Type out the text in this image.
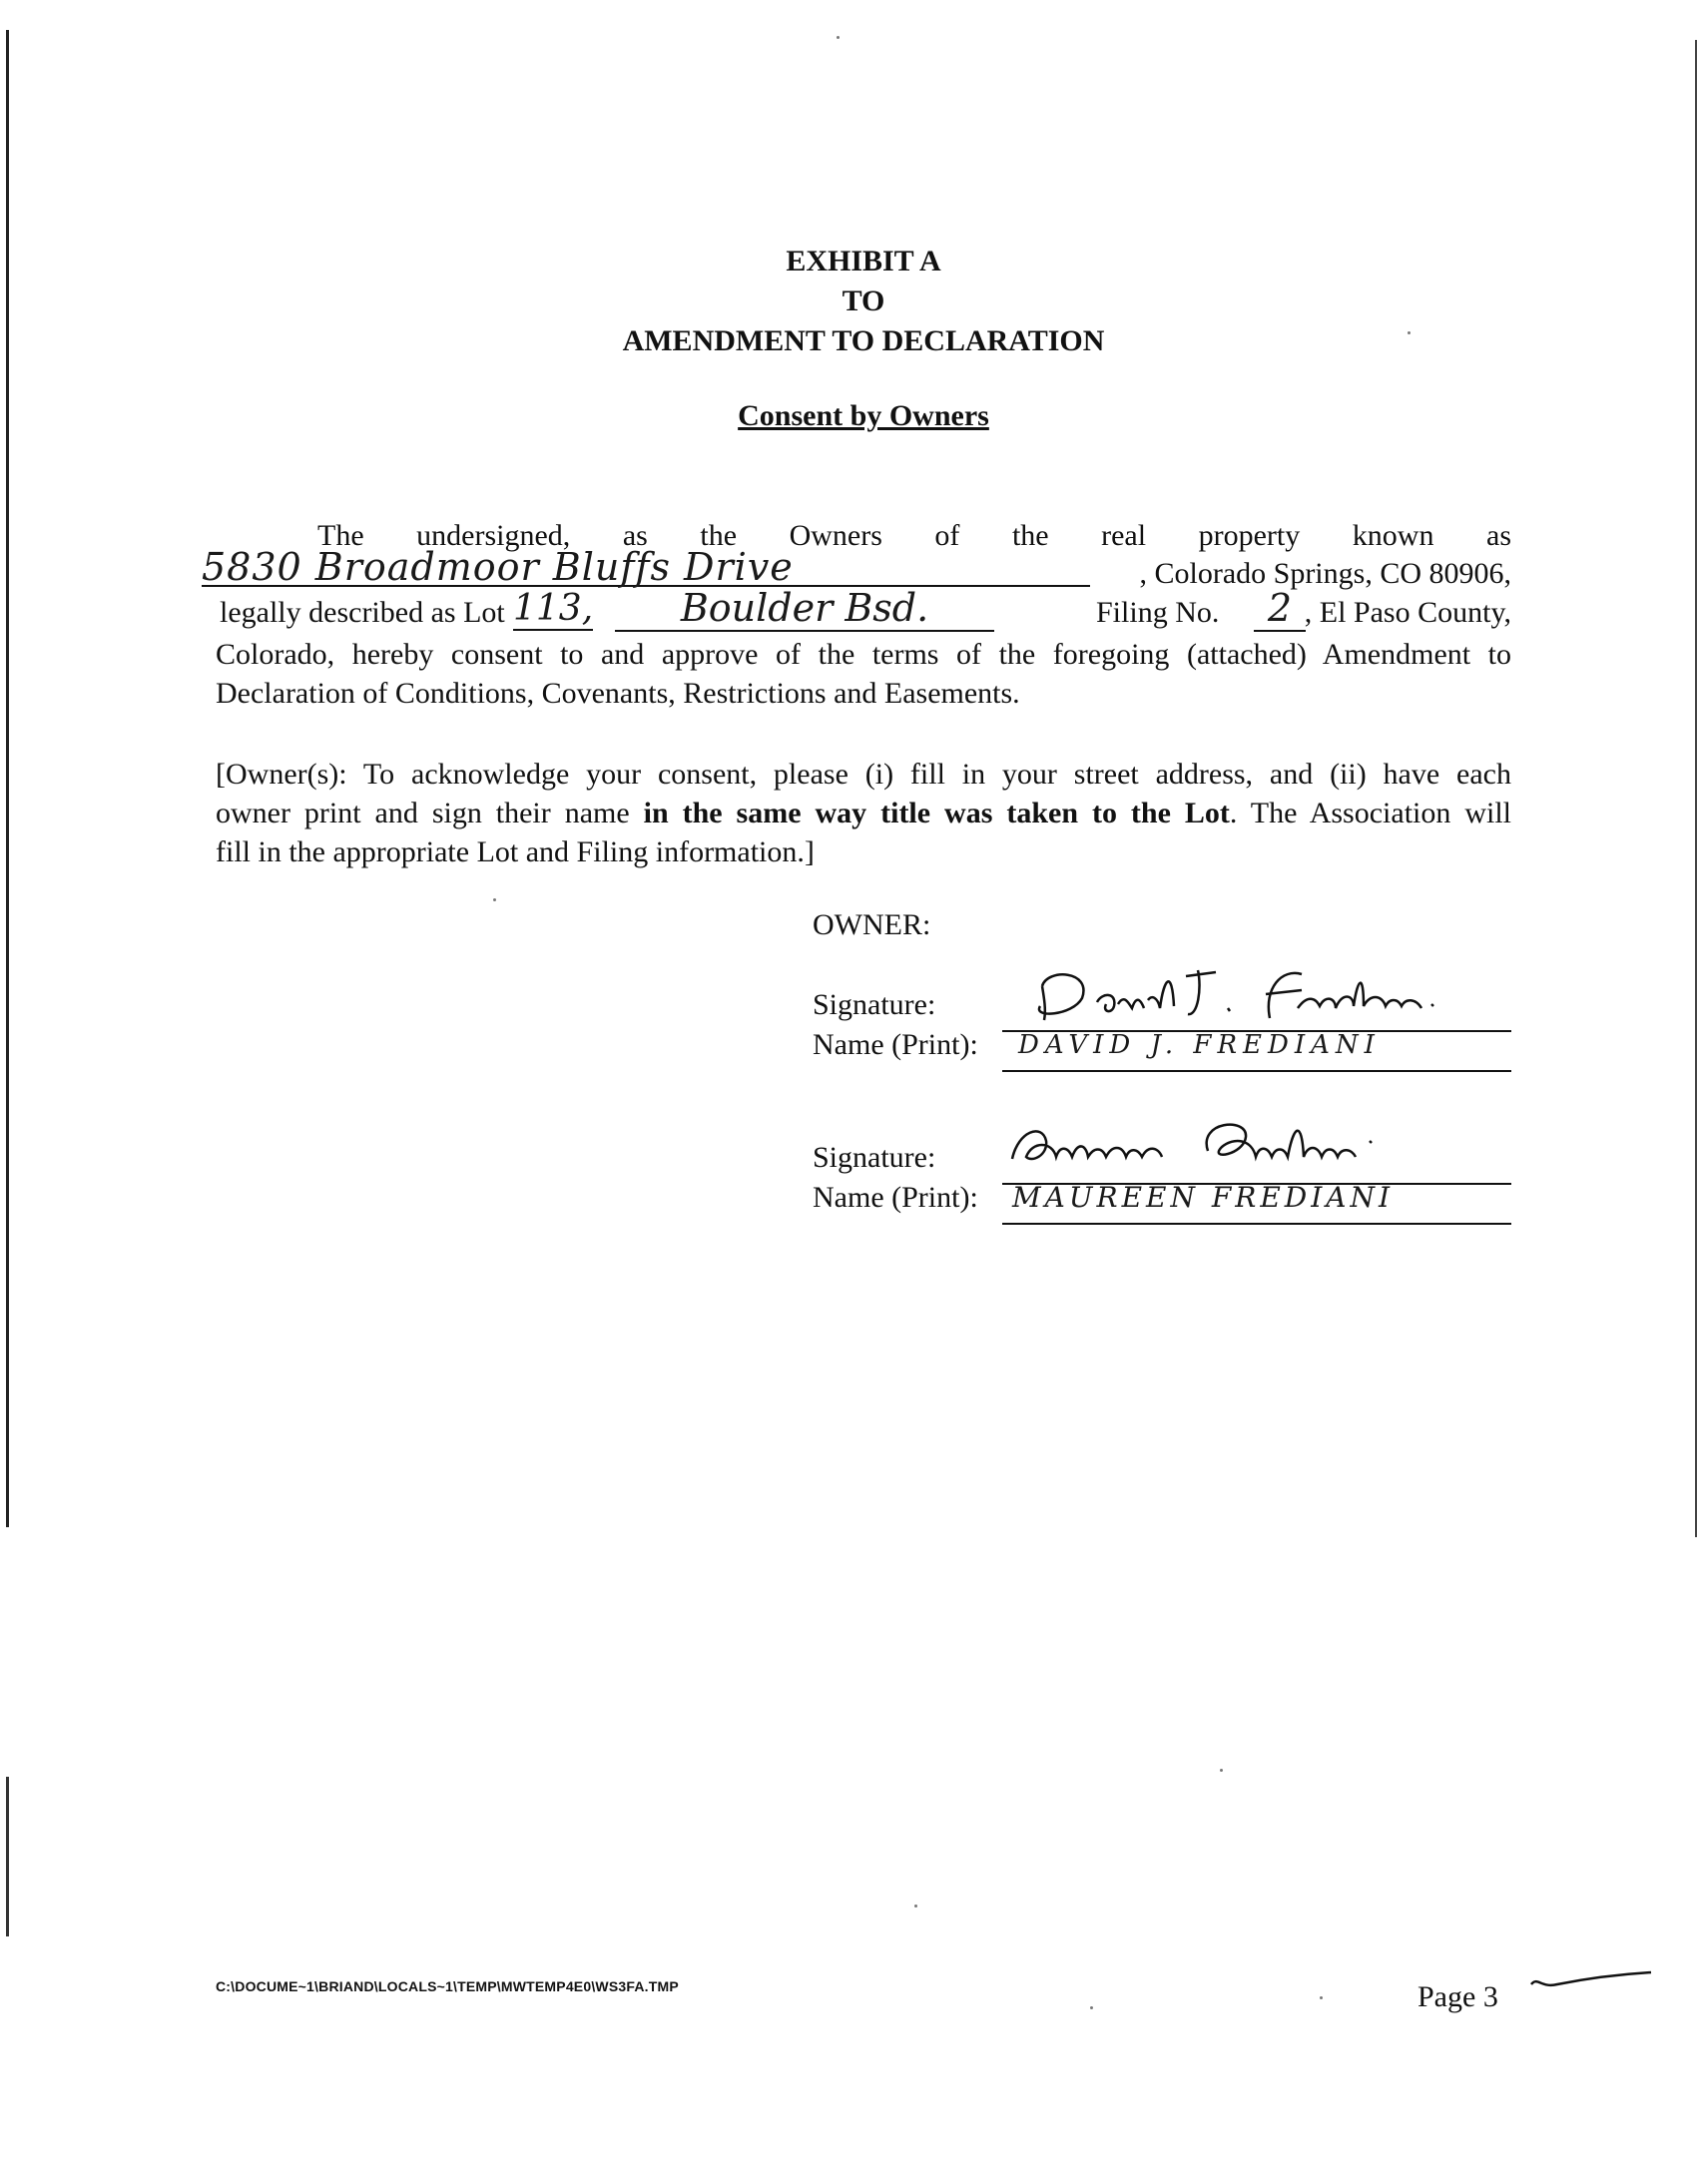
EXHIBIT A
TO
AMENDMENT TO DECLARATION
Consent by Owners
The undersigned, as the Owners of the real property known as
5830 Broadmoor Bluffs Drive	, Colorado Springs, CO 80906,
legally described as Lot 113,	Boulder Bsd.	Filing No.	2 , El Paso County,
Colorado, hereby consent to and approve of the terms of the foregoing (attached) Amendment to
Declaration of Conditions, Covenants, Restrictions and Easements.
[Owner(s): To acknowledge your consent, please (i) fill in your street address, and (ii) have each
owner print and sign their name in the same way title was taken to the Lot. The Association will
fill in the appropriate Lot and Filing information.]
OWNER:
Signature:
Name (Print): DAVID J. FREDIANI
Signature:
Name (Print): MAUREEN FREDIANI
C:\DOCUME~1\BRIAND\LOCALS~1\TEMP\MWTEMP4E0\WS3FA.TMP	Page 3
